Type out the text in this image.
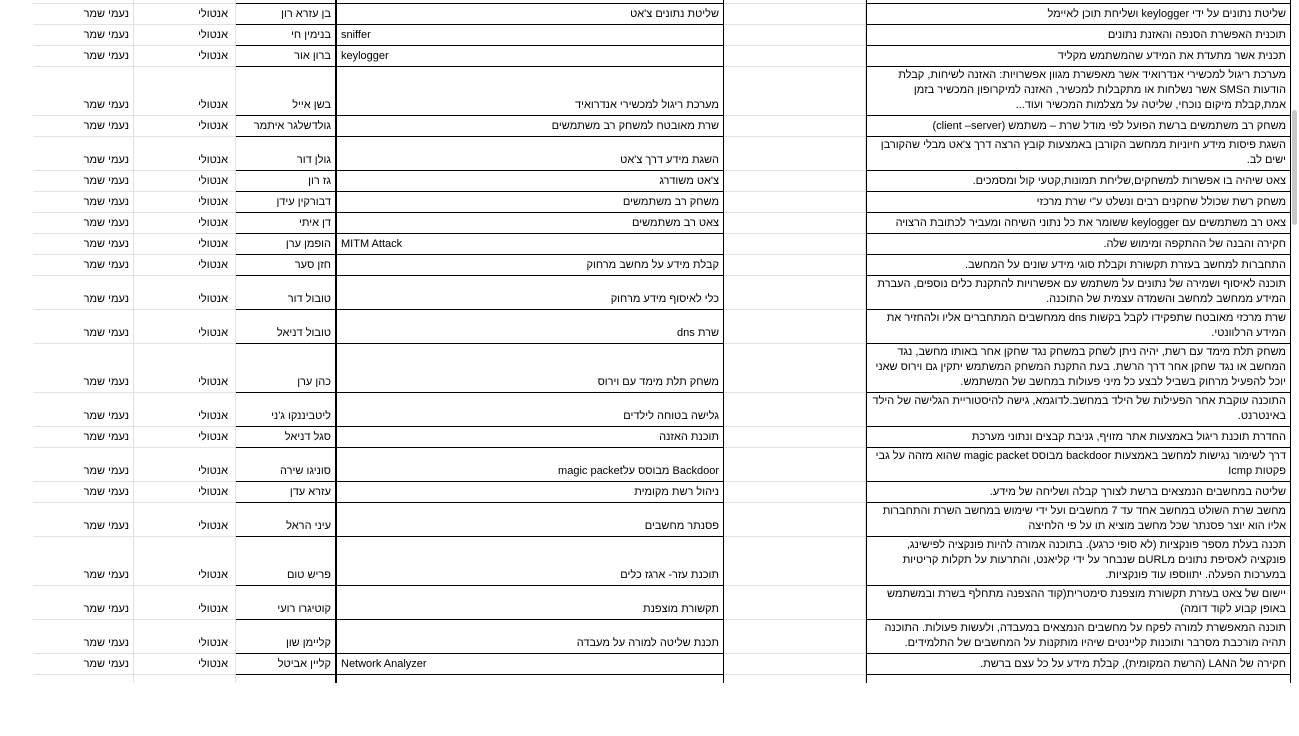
שליטת נתונים על ידי keylogger ושליחת תוכן לאיימל			שליטת נתונים צ'אט	בן עזרא רון	אנטולי	נעמי שמר
תוכנית האפשרת הסנפה והאזנת נתונים			sniffer	בנימין חי	אנטולי	נעמי שמר
תכנית אשר מתעדת את המידע שהמשתמש מקליד			keylogger	ברון אור	אנטולי	נעמי שמר
מערכת ריגול למכשירי אנדרואיד אשר מאפשרת מגוון אפשרויות: האזנה לשיחות, קבלת הודעות הSMS אשר נשלחות או מתקבלות למכשיר, האזנה למיקרופון המכשיר בזמן אמת,קבלת מיקום נוכחי, שליטה על מצלמות המכשיר ועוד...			מערכת ריגול למכשירי אנדרואיד	בשן אייל	אנטולי	נעמי שמר
משחק רב משתמשים ברשת הפועל לפי מודל שרת – משתמש (client –server)			שרת מאובטח למשחק רב משתמשים	גולדשלגר איתמר	אנטולי	נעמי שמר
השגת פיסות מידע חיוניות ממחשב הקורבן באמצעות קובץ הרצה דרך צ'אט מבלי שהקורבן ישים לב.			השגת מידע דרך צ'אט	גולן דור	אנטולי	נעמי שמר
צאט שיהיה בו אפשרות למשחקים,שליחת תמונות,קטעי קול ומסמכים.			צ'אט משודרג	גז רון	אנטולי	נעמי שמר
משחק רשת שכולל שחקנים רבים ונשלט ע"י שרת מרכזי			משחק רב משתמשים	דבורקין עידן	אנטולי	נעמי שמר
צאט רב משתמשים עם keylogger ששומר את כל נתוני השיחה ומעביר לכתובת הרצויה			צאט רב משתמשים	דן איתי	אנטולי	נעמי שמר
חקירה והבנה של ההתקפה ומימוש שלה.			MITM Attack	הופמן ערן	אנטולי	נעמי שמר
התחברות למחשב בעזרת תקשורת וקבלת סוגי מידע שונים על המחשב.			קבלת מידע על מחשב מרחוק	חזן סער	אנטולי	נעמי שמר
תוכנה לאיסוף ושמירה של נתונים על משתמש עם אפשרויות להתקנת כלים נוספים, העברת המידע ממחשב למחשב והשמדה עצמית של התוכנה.			כלי לאיסוף מידע מרחוק	טובול דור	אנטולי	נעמי שמר
שרת מרכזי מאובטח שתפקידו לקבל בקשות dns ממחשבים המתחברים אליו ולהחזיר את המידע הרלוונטי.			שרת dns	טובול דניאל	אנטולי	נעמי שמר
משחק תלת מימד עם רשת, יהיה ניתן לשחק במשחק נגד שחקן אחר באותו מחשב, נגד המחשב או נגד שחקן אחר דרך הרשת. בעת התקנת המשחק המשתמש יתקין גם וירוס שאני יוכל להפעיל מרחוק בשביל לבצע כל מיני פעולות במחשב של המשתמש.			משחק תלת מימד עם וירוס	כהן ערן	אנטולי	נעמי שמר
התוכנה עוקבת אחר הפעילות של הילד במחשב.לדוגמא, גישה להיסטוריית הגלישה של הילד באינטרנט.			גלישה בטוחה לילדים	ליטביננקו ג'ני	אנטולי	נעמי שמר
החדרת תוכנת ריגול באמצעות אתר מזויף, גניבת קבצים ונתוני מערכת			תוכנת האזנה	סגל דניאל	אנטולי	נעמי שמר
דרך לשימור נגישות למחשב באמצעות backdoor מבוסס magic packet שהוא מזהה על גבי פקטות Icmp			Backdoor מבוסס עלmagic packet	סוניגו שירה	אנטולי	נעמי שמר
שליטה במחשבים הנמצאים ברשת לצורך קבלה ושליחה של מידע.			ניהול רשת מקומית	עזרא עדן	אנטולי	נעמי שמר
מחשב שרת השולט במחשב אחד עד 7 מחשבים ועל ידי שימוש במחשב השרת והתחברות אליו הוא יוצר פסנתר שכל מחשב מוציא תו על פי הלחיצה			פסנתר מחשבים	עיני הראל	אנטולי	נעמי שמר
תכנה בעלת מספר פונקציות (לא סופי כרגע). בתוכנה אמורה להיות פונקציה לפישינג, פונקציה לאסיפת נתונים מURLם שנבחר על ידי קליאנט, והתרעות על תקלות קריטיות במערכות הפעלה. יתווספו עוד פונקציות.			תוכנת עזר- ארגז כלים	פריש טום	אנטולי	נעמי שמר
יישום של צאט בעזרת תקשורת מוצפנת סימטרית(קוד ההצפנה מתחלף בשרת ובמשתמש באופן קבוע לקוד דומה)			תקשורת מוצפנת	קוטיגרו רועי	אנטולי	נעמי שמר
תוכנה המאפשרת למורה לפקח על מחשבים הנמצאים במעבדה, ולעשות פעולות. התוכנה תהיה מורכבת מסרבר ותוכנות קליינטים שיהיו מותקנות על המחשבים של התלמידים.			תכנת שליטה למורה על מעבדה	קליימן שון	אנטולי	נעמי שמר
חקירה של הLAN (הרשת המקומית), קבלת מידע על כל עצם ברשת.			Network Analyzer	קליין אביטל	אנטולי	נעמי שמר
